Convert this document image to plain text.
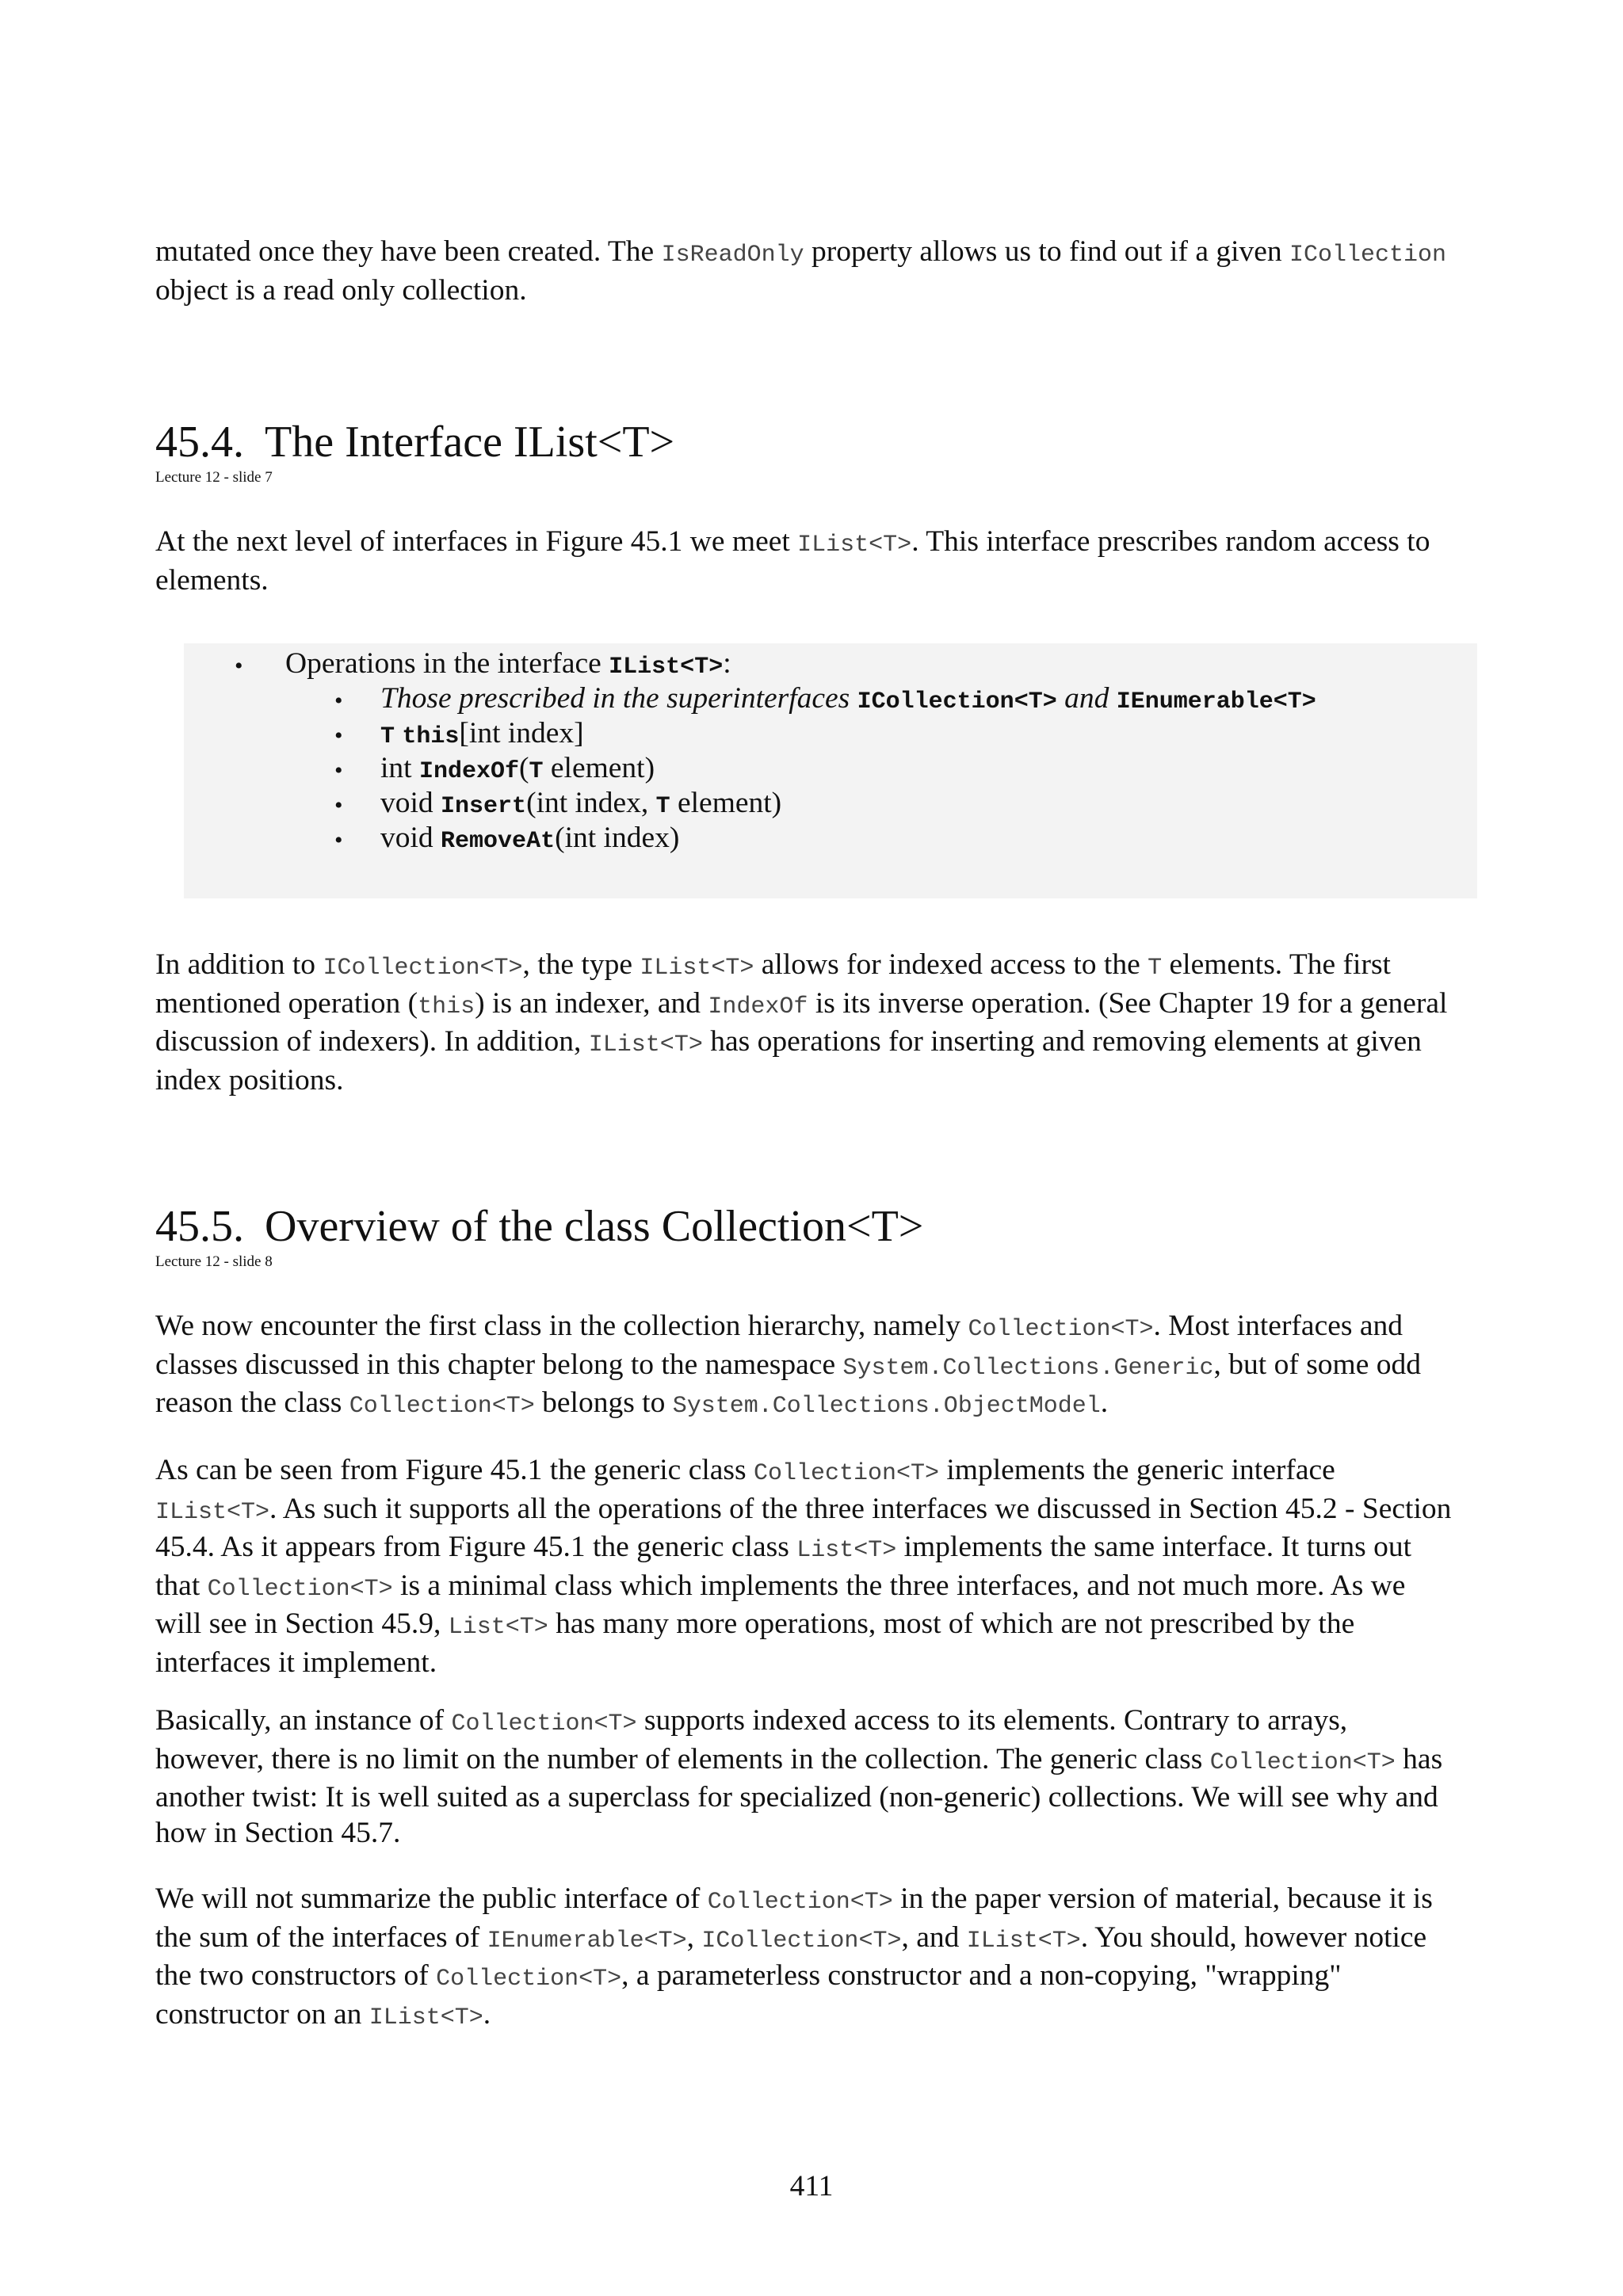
mutated once they have been created. The IsReadOnly property allows us to find out if a given ICollection

object is a read only collection.

45.4. The Interface IList<T>

Lecture 12 - slide 7

At the next level of interfaces in Figure 45.1 we meet IList<T>. This interface prescribes random access to

elements.

• Operations in the interface IList<T>:
• Those prescribed in the superinterfaces ICollection<T> and IEnumerable<T>
• T this[int index]
• int IndexOf(T element)
• void Insert(int index, T element)
• void RemoveAt(int index)

In addition to ICollection<T>, the type IList<T> allows for indexed access to the T elements. The first

mentioned operation (this) is an indexer, and IndexOf is its inverse operation. (See Chapter 19 for a general

discussion of indexers). In addition, IList<T> has operations for inserting and removing elements at given

index positions.

45.5. Overview of the class Collection<T>

Lecture 12 - slide 8

We now encounter the first class in the collection hierarchy, namely Collection<T>. Most interfaces and

classes discussed in this chapter belong to the namespace System.Collections.Generic, but of some odd

reason the class Collection<T> belongs to System.Collections.ObjectModel.

As can be seen from Figure 45.1 the generic class Collection<T> implements the generic interface

IList<T>. As such it supports all the operations of the three interfaces we discussed in Section 45.2 - Section

45.4. As it appears from Figure 45.1 the generic class List<T> implements the same interface. It turns out

that Collection<T> is a minimal class which implements the three interfaces, and not much more. As we

will see in Section 45.9, List<T> has many more operations, most of which are not prescribed by the

interfaces it implement.

Basically, an instance of Collection<T> supports indexed access to its elements. Contrary to arrays,

however, there is no limit on the number of elements in the collection. The generic class Collection<T> has

another twist: It is well suited as a superclass for specialized (non-generic) collections. We will see why and

how in Section 45.7.

We will not summarize the public interface of Collection<T> in the paper version of material, because it is

the sum of the interfaces of IEnumerable<T>, ICollection<T>, and IList<T>. You should, however notice

the two constructors of Collection<T>, a parameterless constructor and a non-copying, "wrapping"

constructor on an IList<T>.

411
